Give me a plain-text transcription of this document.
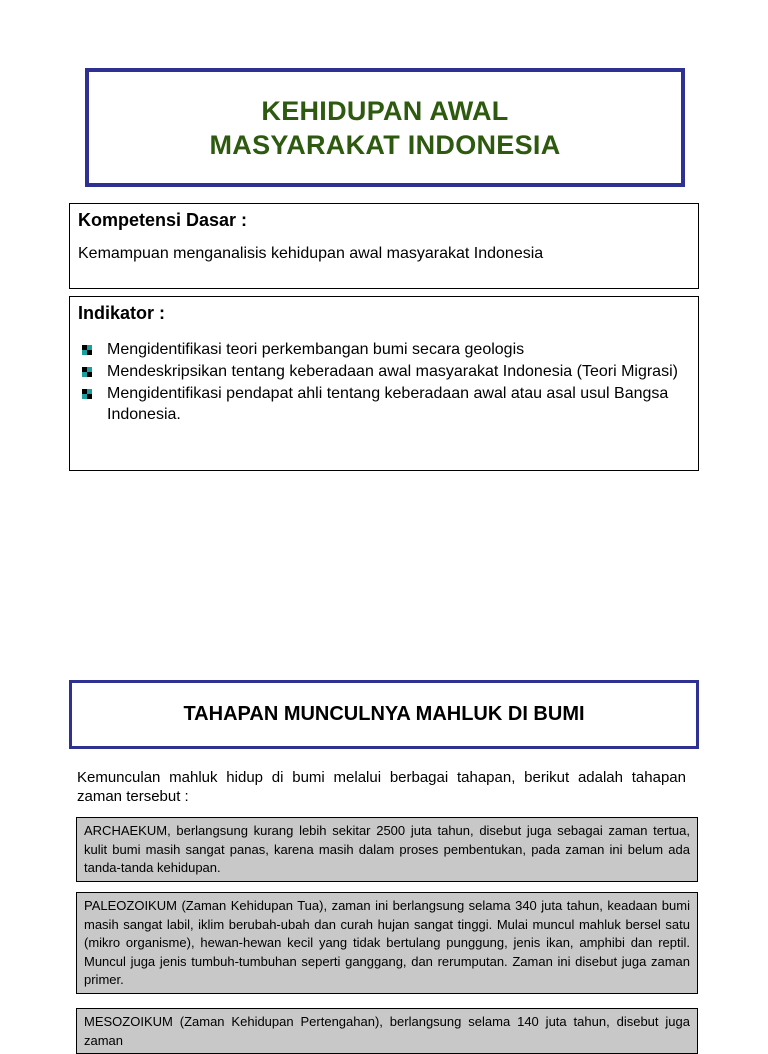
KEHIDUPAN AWAL
MASYARAKAT INDONESIA
Kompetensi Dasar :
Kemampuan menganalisis kehidupan awal masyarakat Indonesia
Indikator :
Mengidentifikasi teori perkembangan bumi secara geologis
Mendeskripsikan tentang keberadaan awal masyarakat Indonesia (Teori Migrasi)
Mengidentifikasi pendapat ahli tentang keberadaan awal atau asal usul Bangsa Indonesia.
TAHAPAN MUNCULNYA MAHLUK DI BUMI
Kemunculan mahluk hidup di bumi melalui berbagai tahapan, berikut adalah tahapan zaman tersebut :
ARCHAEKUM, berlangsung kurang lebih sekitar 2500 juta tahun, disebut juga sebagai zaman tertua, kulit bumi masih sangat panas, karena masih dalam proses pembentukan, pada zaman ini belum ada tanda-tanda kehidupan.
PALEOZOIKUM (Zaman Kehidupan Tua), zaman ini berlangsung selama 340 juta tahun, keadaan bumi masih sangat labil, iklim berubah-ubah dan curah hujan sangat tinggi. Mulai muncul mahluk bersel satu (mikro organisme), hewan-hewan kecil yang tidak bertulang punggung, jenis ikan, amphibi dan reptil. Muncul juga jenis tumbuh-tumbuhan seperti ganggang, dan rerumputan. Zaman ini disebut juga zaman primer.
MESOZOIKUM (Zaman Kehidupan Pertengahan), berlangsung selama 140 juta tahun, disebut juga zaman
